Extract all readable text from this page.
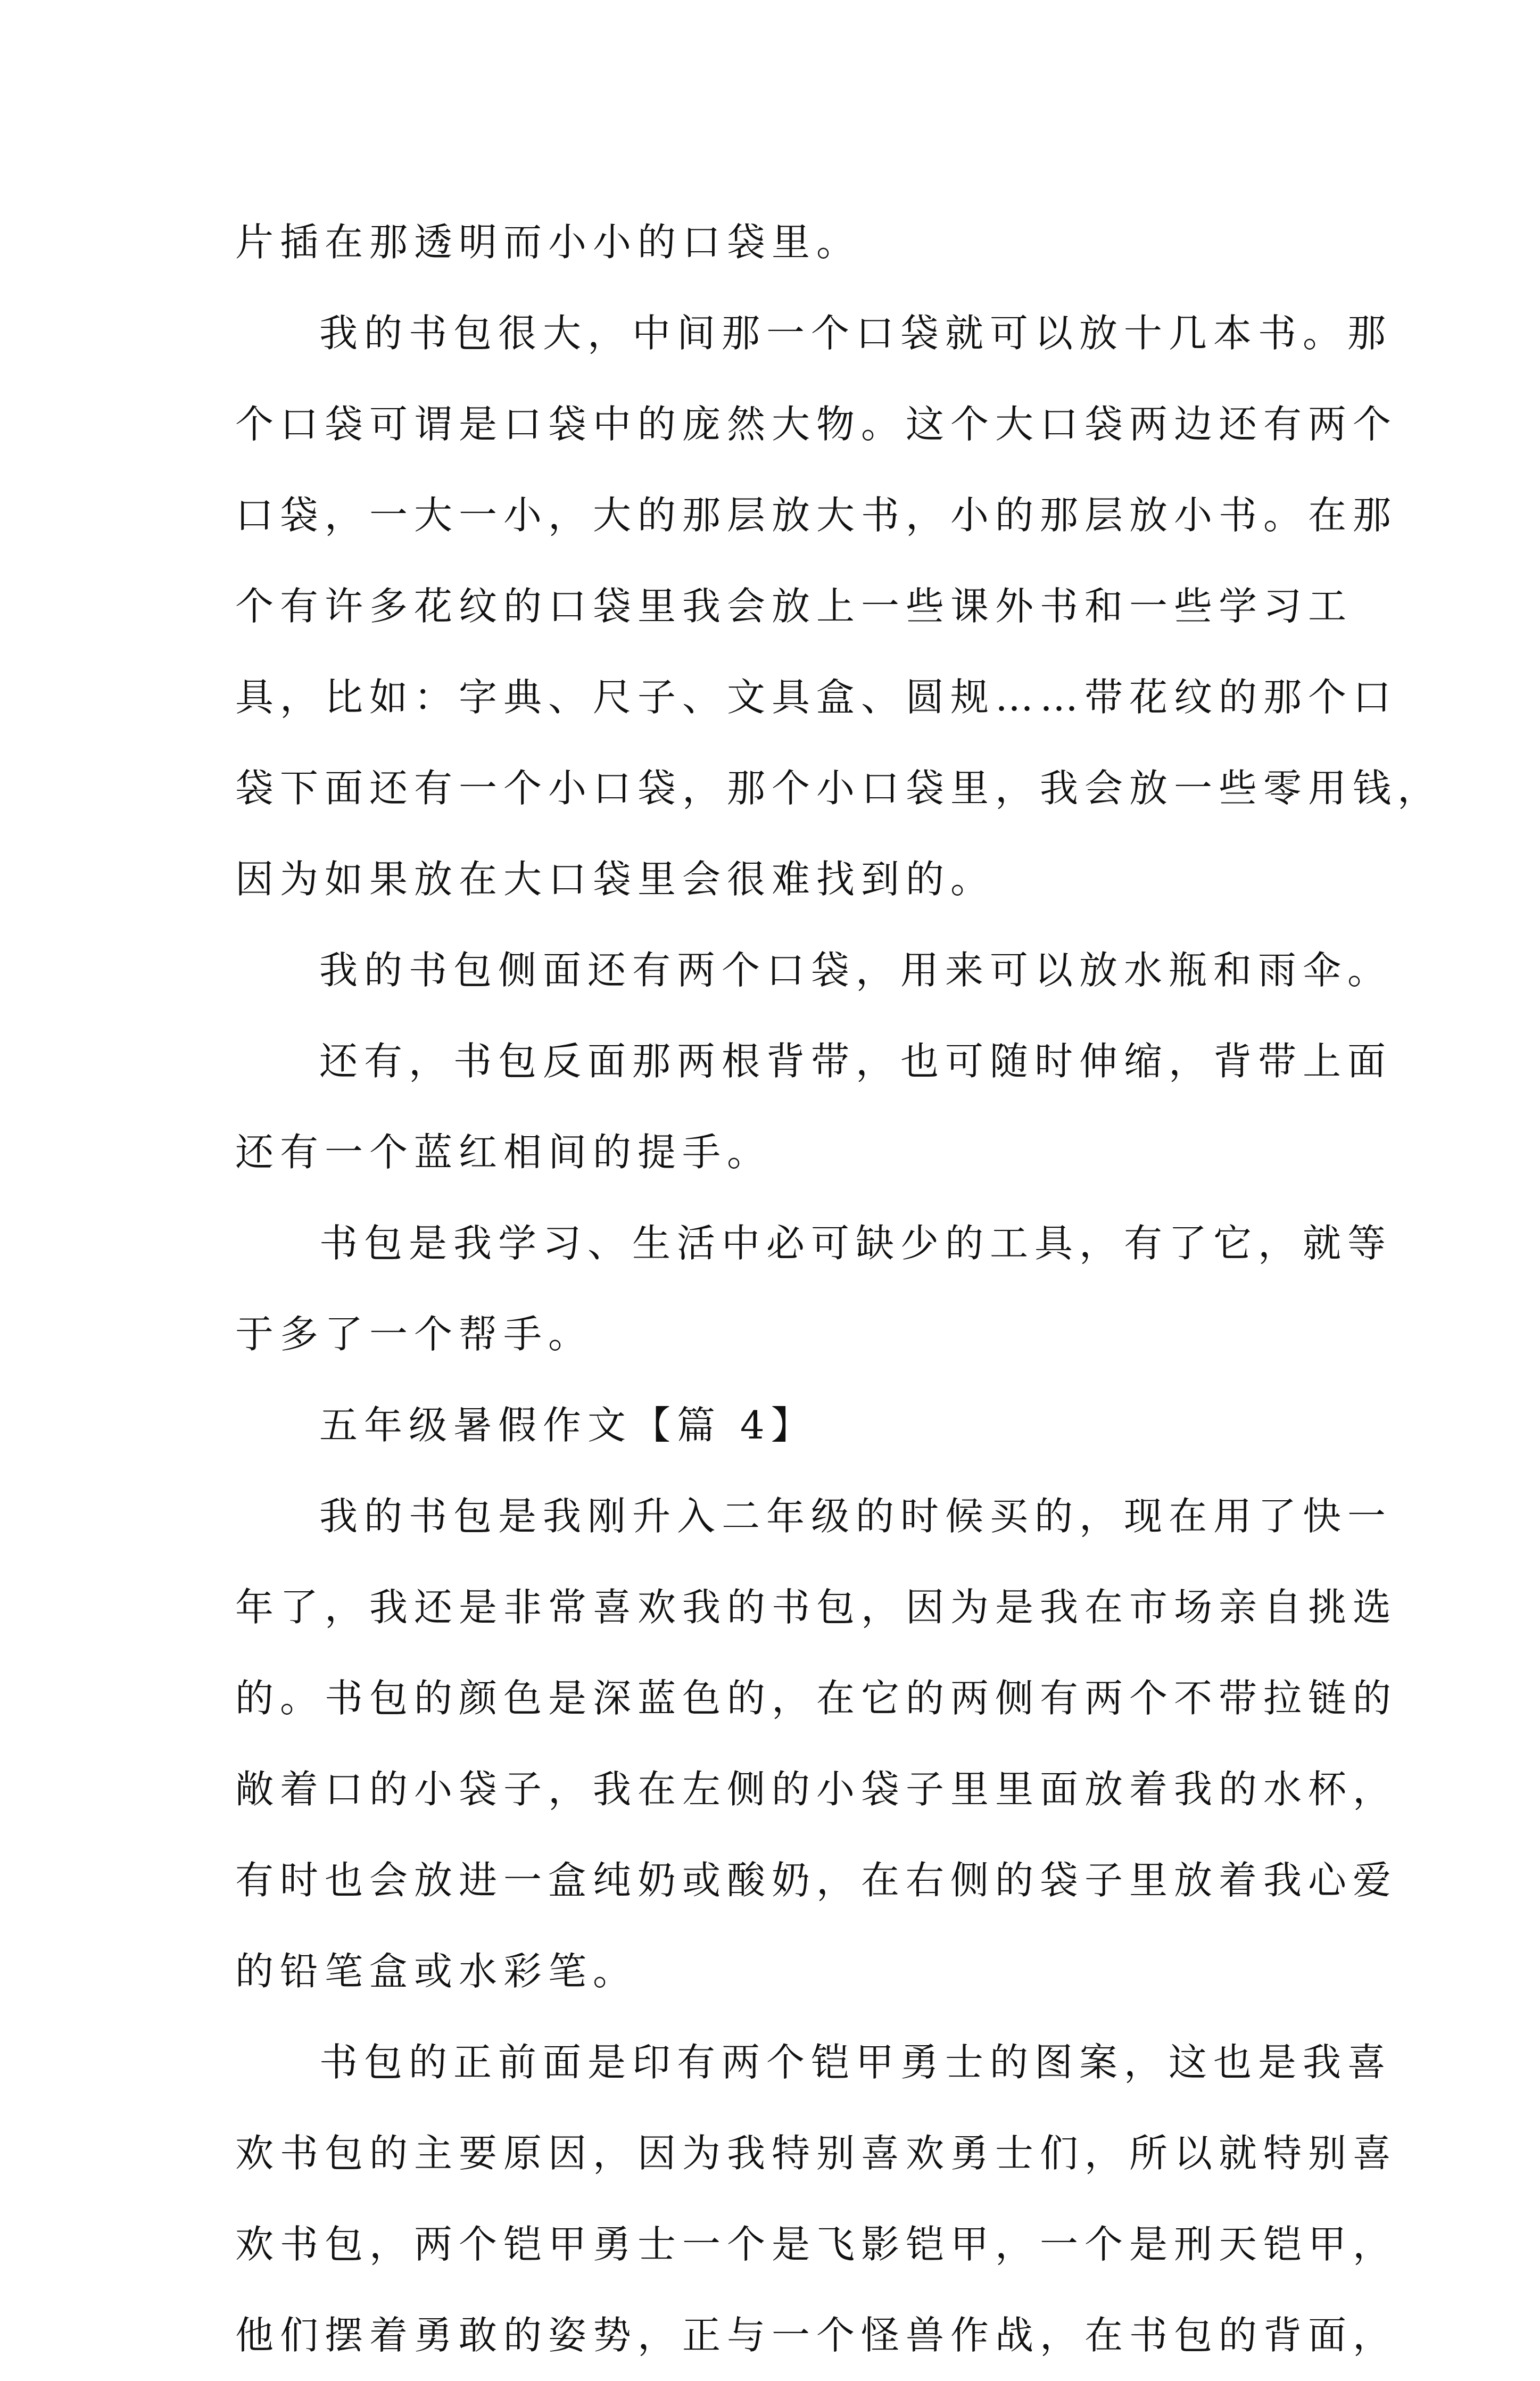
片插在那透明而小小的口袋里。
我的书包很大，中间那一个口袋就可以放十几本书。那
个口袋可谓是口袋中的庞然大物。这个大口袋两边还有两个
口袋，一大一小，大的那层放大书，小的那层放小书。在那
个有许多花纹的口袋里我会放上一些课外书和一些学习工
具，比如：字典、尺子、文具盒、圆规……带花纹的那个口
袋下面还有一个小口袋，那个小口袋里，我会放一些零用钱，
因为如果放在大口袋里会很难找到的。
我的书包侧面还有两个口袋，用来可以放水瓶和雨伞。
还有，书包反面那两根背带，也可随时伸缩，背带上面
还有一个蓝红相间的提手。
书包是我学习、生活中必可缺少的工具，有了它，就等
于多了一个帮手。
五年级暑假作文【篇 4】
我的书包是我刚升入二年级的时候买的，现在用了快一
年了，我还是非常喜欢我的书包，因为是我在市场亲自挑选
的。书包的颜色是深蓝色的，在它的两侧有两个不带拉链的
敞着口的小袋子，我在左侧的小袋子里里面放着我的水杯，
有时也会放进一盒纯奶或酸奶，在右侧的袋子里放着我心爱
的铅笔盒或水彩笔。
书包的正前面是印有两个铠甲勇士的图案，这也是我喜
欢书包的主要原因，因为我特别喜欢勇士们，所以就特别喜
欢书包，两个铠甲勇士一个是飞影铠甲，一个是刑天铠甲，
他们摆着勇敢的姿势，正与一个怪兽作战，在书包的背面，
